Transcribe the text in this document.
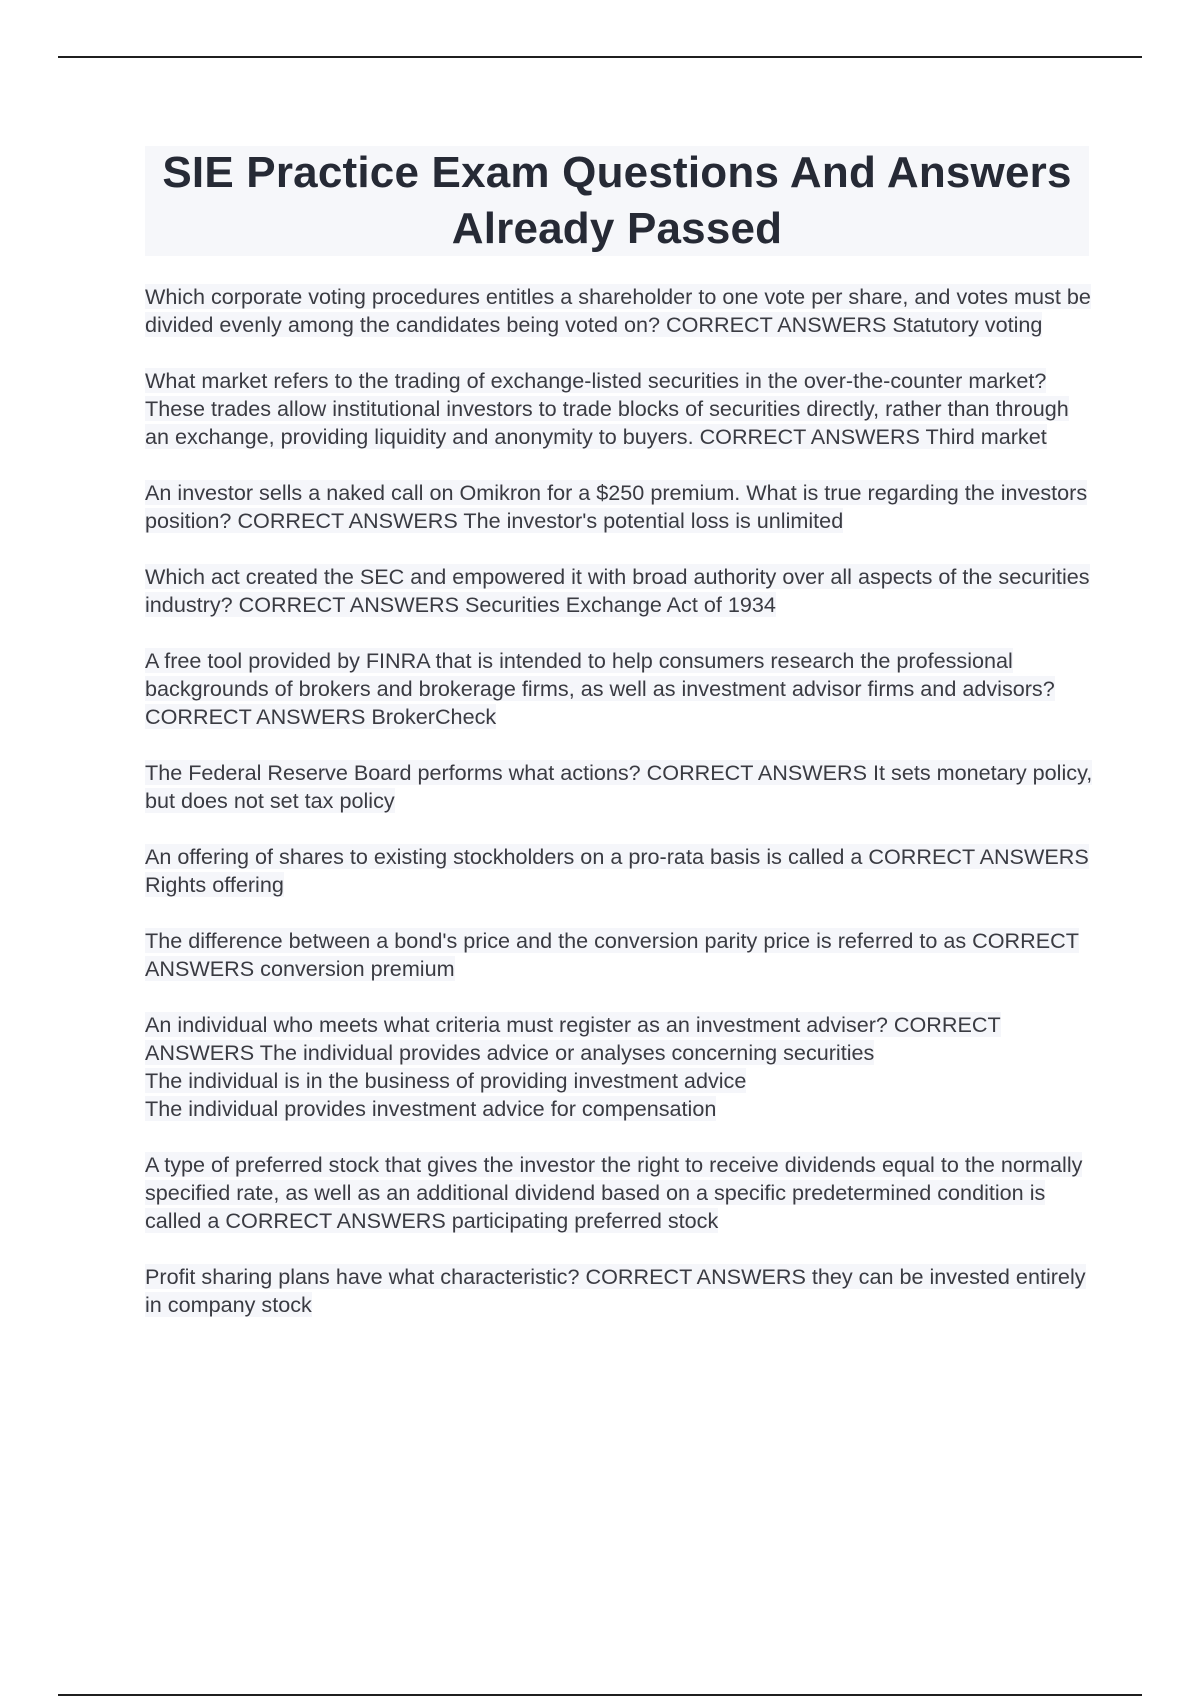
SIE Practice Exam Questions And Answers Already Passed

Which corporate voting procedures entitles a shareholder to one vote per share, and votes must be divided evenly among the candidates being voted on? CORRECT ANSWERS Statutory voting

What market refers to the trading of exchange-listed securities in the over-the-counter market? These trades allow institutional investors to trade blocks of securities directly, rather than through an exchange, providing liquidity and anonymity to buyers. CORRECT ANSWERS Third market

An investor sells a naked call on Omikron for a $250 premium. What is true regarding the investors position? CORRECT ANSWERS The investor's potential loss is unlimited

Which act created the SEC and empowered it with broad authority over all aspects of the securities industry? CORRECT ANSWERS Securities Exchange Act of 1934

A free tool provided by FINRA that is intended to help consumers research the professional backgrounds of brokers and brokerage firms, as well as investment advisor firms and advisors? CORRECT ANSWERS BrokerCheck

The Federal Reserve Board performs what actions? CORRECT ANSWERS It sets monetary policy, but does not set tax policy

An offering of shares to existing stockholders on a pro-rata basis is called a CORRECT ANSWERS Rights offering

The difference between a bond's price and the conversion parity price is referred to as CORRECT ANSWERS conversion premium

An individual who meets what criteria must register as an investment adviser? CORRECT ANSWERS The individual provides advice or analyses concerning securities
The individual is in the business of providing investment advice
The individual provides investment advice for compensation

A type of preferred stock that gives the investor the right to receive dividends equal to the normally specified rate, as well as an additional dividend based on a specific predetermined condition is called a CORRECT ANSWERS participating preferred stock

Profit sharing plans have what characteristic? CORRECT ANSWERS they can be invested entirely in company stock
